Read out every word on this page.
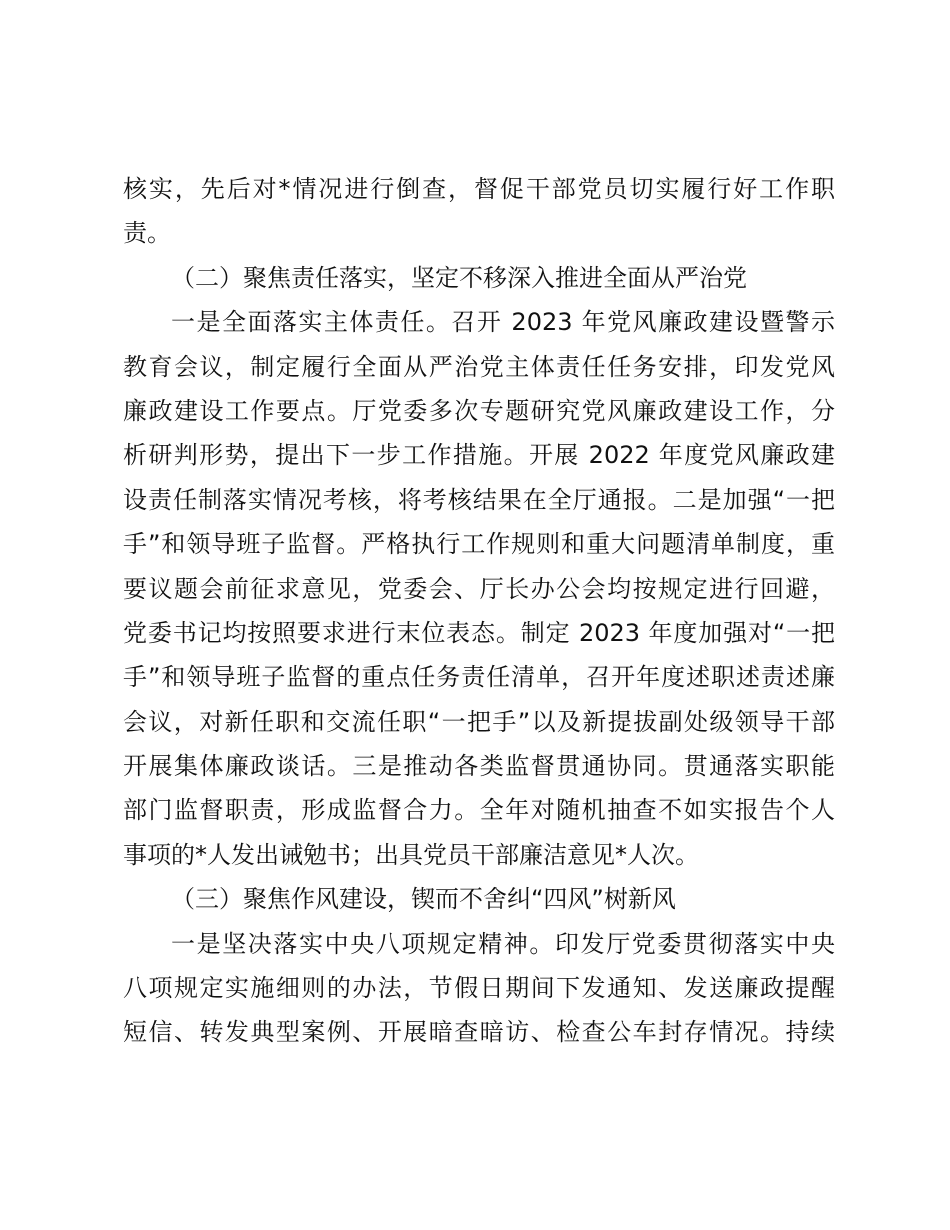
核实，先后对*情况进行倒查，督促干部党员切实履行好工作职
责。
（二）聚焦责任落实，坚定不移深入推进全面从严治党
一是全面落实主体责任。召开 2023 年党风廉政建设暨警示
教育会议，制定履行全面从严治党主体责任任务安排，印发党风
廉政建设工作要点。厅党委多次专题研究党风廉政建设工作，分
析研判形势，提出下一步工作措施。开展 2022 年度党风廉政建
设责任制落实情况考核，将考核结果在全厅通报。二是加强“一把
手”和领导班子监督。严格执行工作规则和重大问题清单制度，重
要议题会前征求意见，党委会、厅长办公会均按规定进行回避，
党委书记均按照要求进行末位表态。制定 2023 年度加强对“一把
手”和领导班子监督的重点任务责任清单，召开年度述职述责述廉
会议，对新任职和交流任职“一把手”以及新提拔副处级领导干部
开展集体廉政谈话。三是推动各类监督贯通协同。贯通落实职能
部门监督职责，形成监督合力。全年对随机抽查不如实报告个人
事项的*人发出诫勉书；出具党员干部廉洁意见*人次。
（三）聚焦作风建设，锲而不舍纠“四风”树新风
一是坚决落实中央八项规定精神。印发厅党委贯彻落实中央
八项规定实施细则的办法，节假日期间下发通知、发送廉政提醒
短信、转发典型案例、开展暗查暗访、检查公车封存情况。持续
